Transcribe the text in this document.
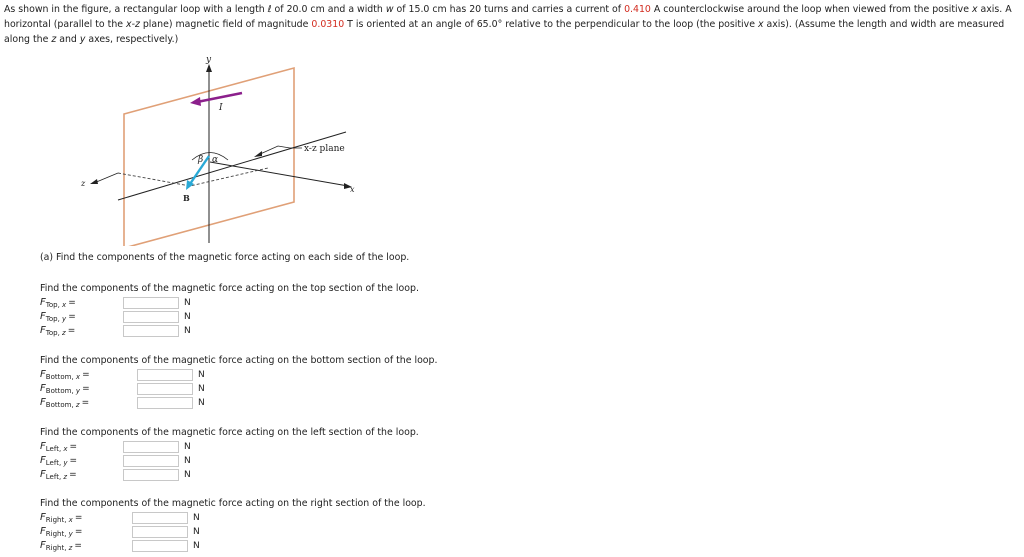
As shown in the figure, a rectangular loop with a length ℓ of 20.0 cm and a width w of 15.0 cm has 20 turns and carries a current of 0.410 A counterclockwise around the loop when viewed from the positive x axis. A horizontal (parallel to the x-z plane) magnetic field of magnitude 0.0310 T is oriented at an angle of 65.0° relative to the perpendicular to the loop (the positive x axis). (Assume the length and width are measured along the z and y axes, respectively.)
y
I
x-z plane
β α
z
x
B
(a) Find the components of the magnetic force acting on each side of the loop.
Find the components of the magnetic force acting on the top section of the loop.
$F_{Top, x}$ =	N
$F_{Top, y}$ =	N
$F_{Top, z}$ =	N
Find the components of the magnetic force acting on the bottom section of the loop.
$F_{Bottom, x}$ =	N
$F_{Bottom, y}$ =	N
$F_{Bottom, z}$ =	N
Find the components of the magnetic force acting on the left section of the loop.
$F_{Left, x}$ =	N
$F_{Left, y}$ =	N
$F_{Left, z}$ =	N
Find the components of the magnetic force acting on the right section of the loop.
$F_{Right, x}$ =	N
$F_{Right, y}$ =	N
$F_{Right, z}$ =	N
